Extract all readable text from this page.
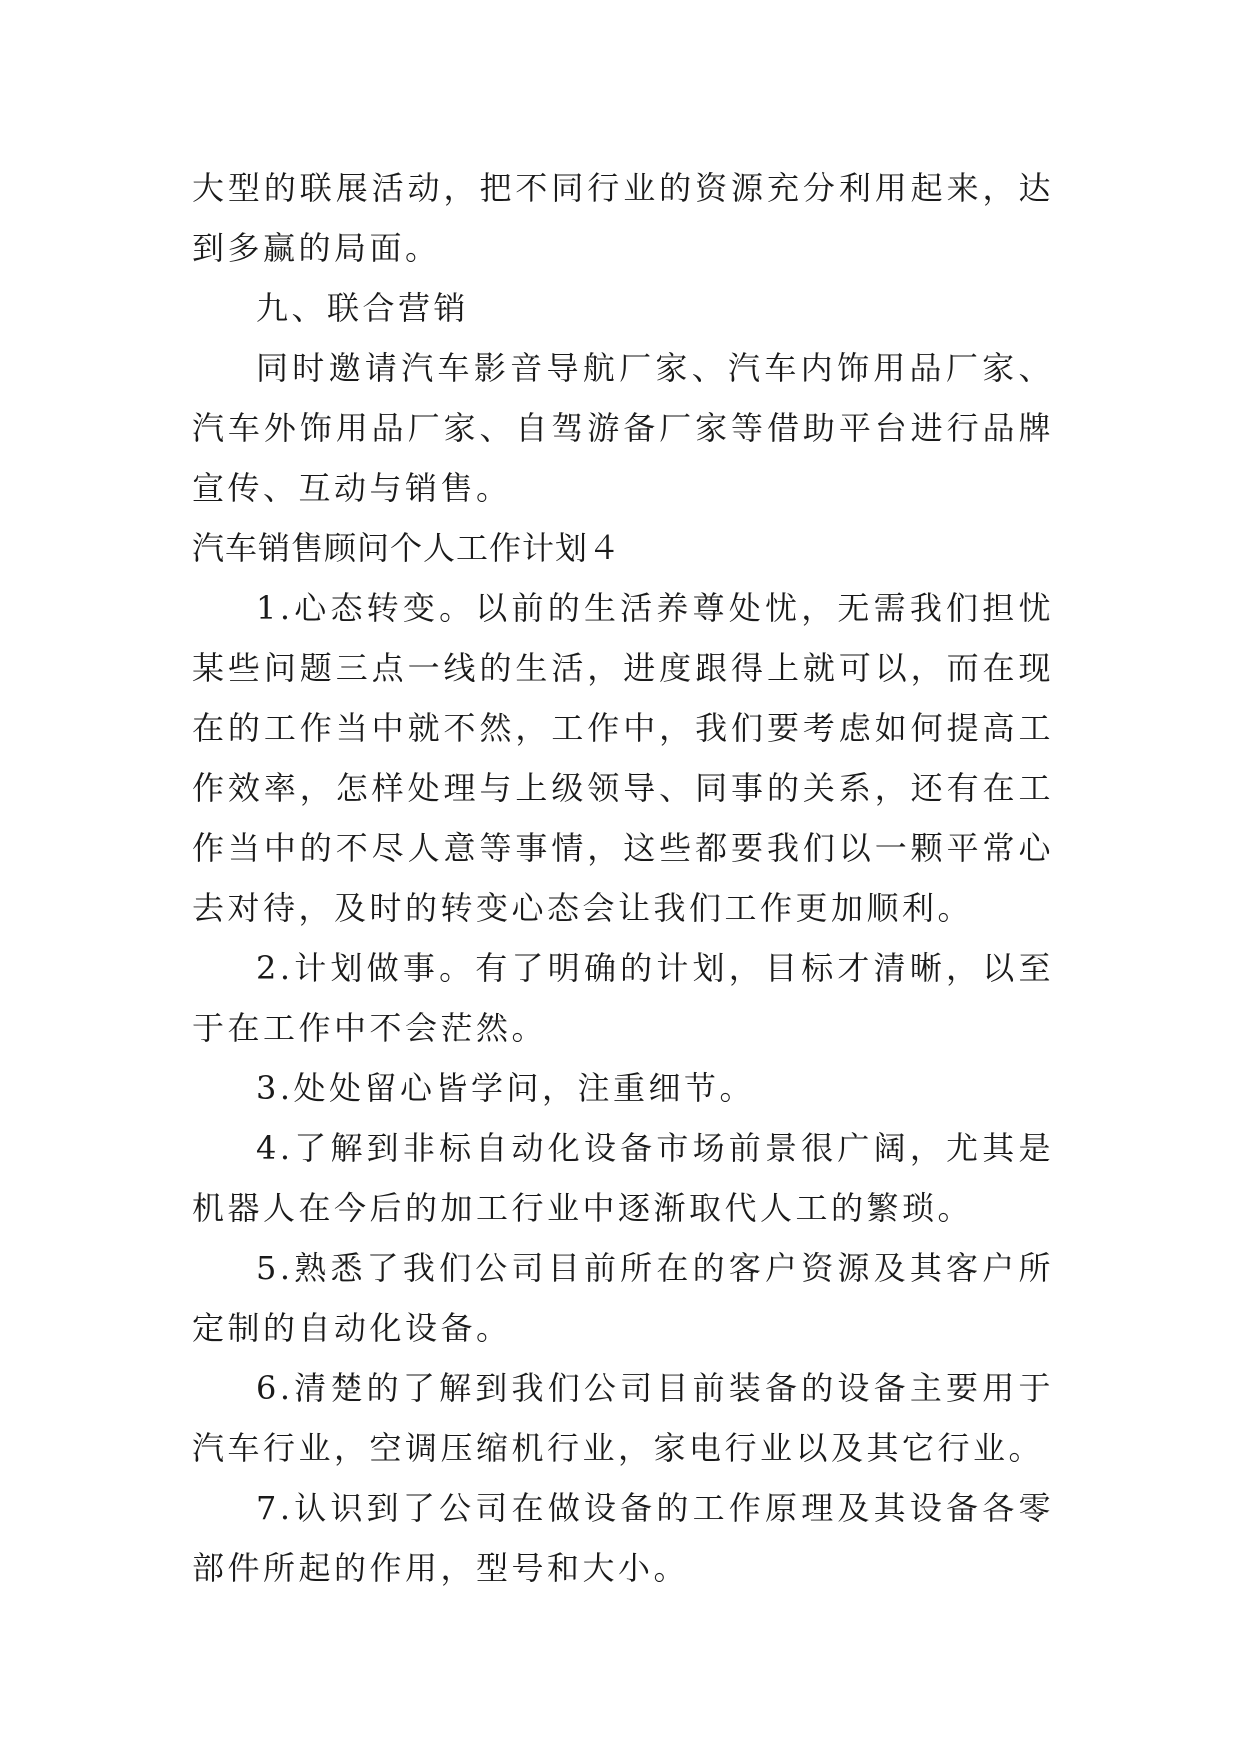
大型的联展活动，把不同行业的资源充分利用起来，达到多赢的局面。

九、联合营销

同时邀请汽车影音导航厂家、汽车内饰用品厂家、汽车外饰用品厂家、自驾游备厂家等借助平台进行品牌宣传、互动与销售。

汽车销售顾问个人工作计划４

1.心态转变。以前的生活养尊处忧，无需我们担忧某些问题三点一线的生活，进度跟得上就可以，而在现在的工作当中就不然，工作中，我们要考虑如何提高工作效率，怎样处理与上级领导、同事的关系，还有在工作当中的不尽人意等事情，这些都要我们以一颗平常心去对待，及时的转变心态会让我们工作更加顺利。

2.计划做事。有了明确的计划，目标才清晰，以至于在工作中不会茫然。

3.处处留心皆学问，注重细节。

4.了解到非标自动化设备市场前景很广阔，尤其是机器人在今后的加工行业中逐渐取代人工的繁琐。

5.熟悉了我们公司目前所在的客户资源及其客户所定制的自动化设备。

6.清楚的了解到我们公司目前装备的设备主要用于汽车行业，空调压缩机行业，家电行业以及其它行业。

7.认识到了公司在做设备的工作原理及其设备各零部件所起的作用，型号和大小。
